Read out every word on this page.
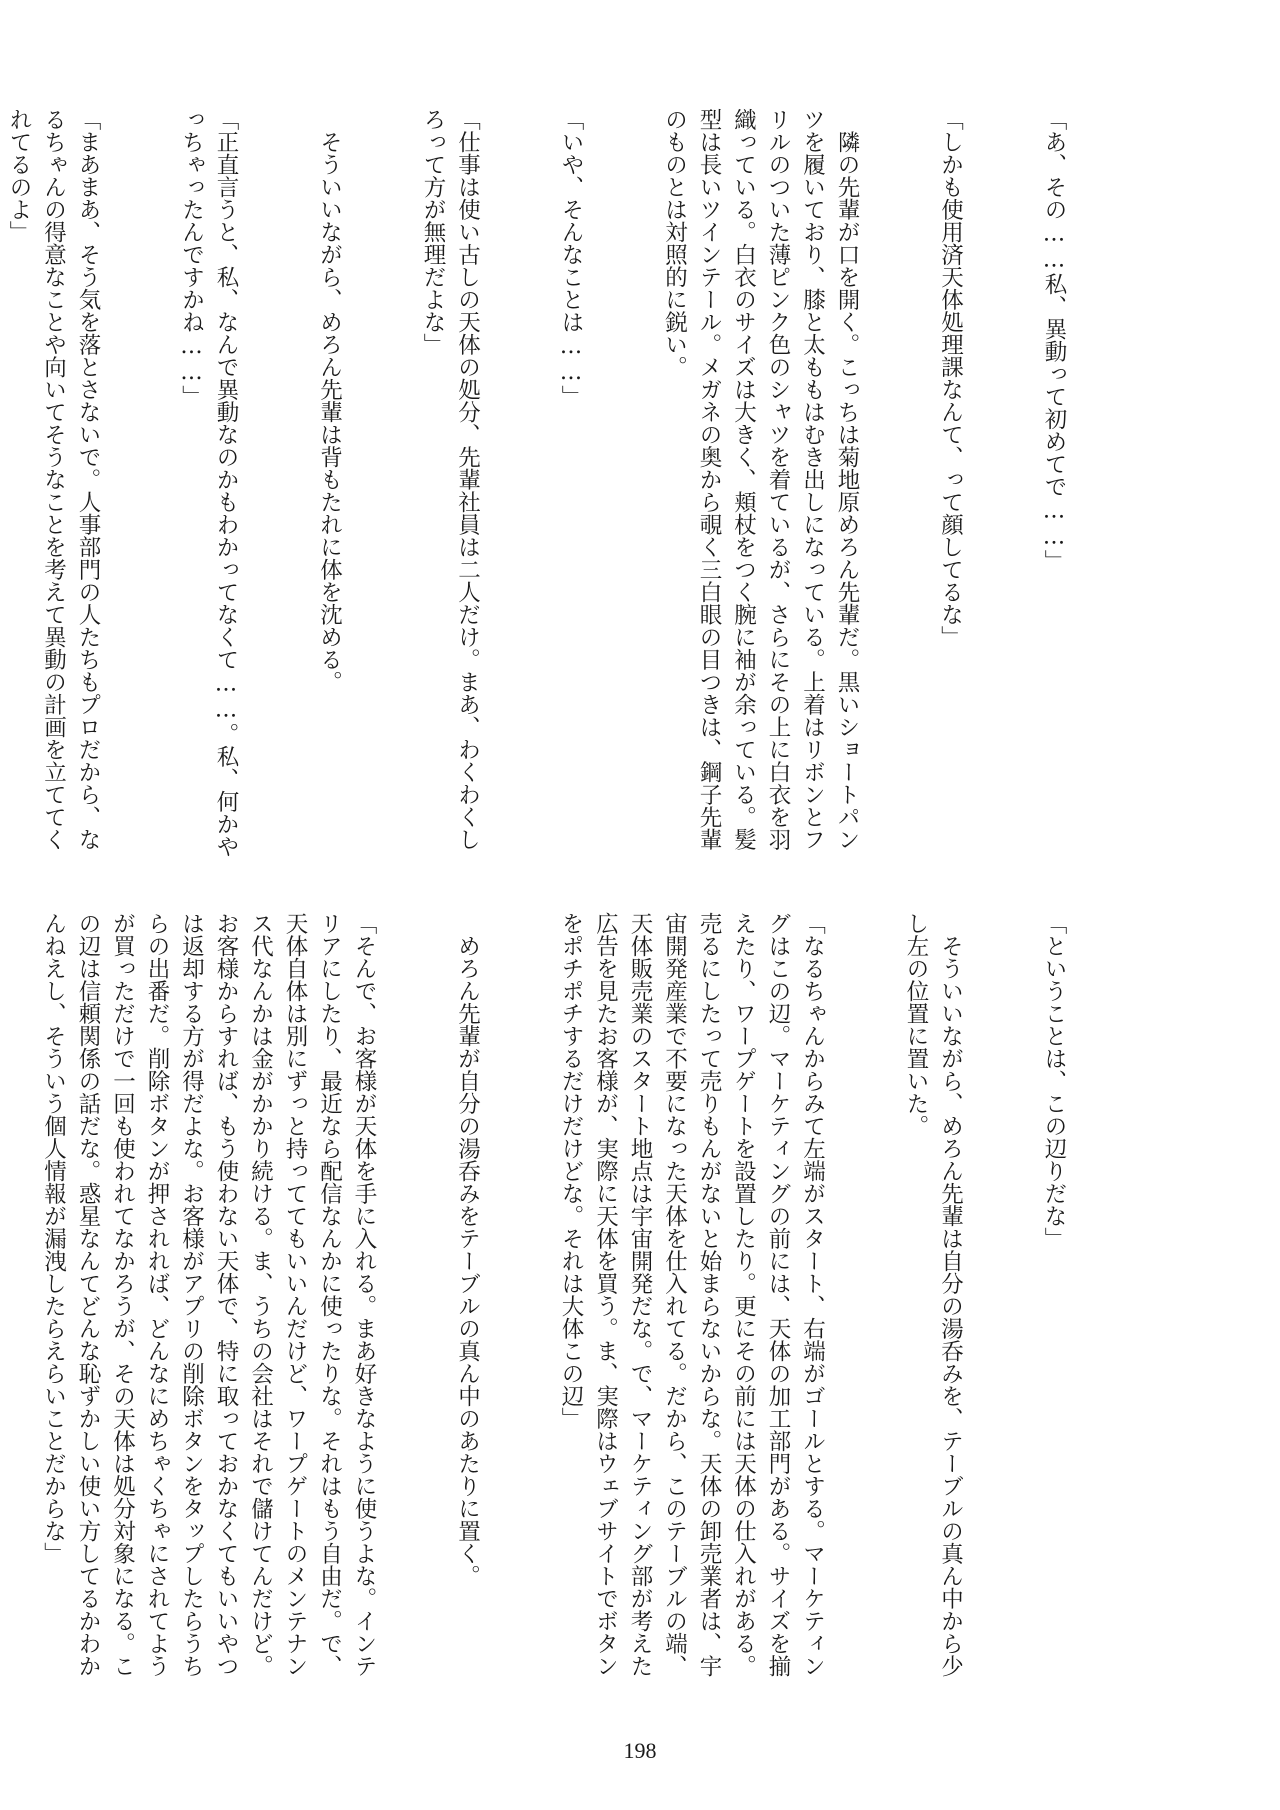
「あ、その……私、異動って初めてで……」

「しかも使用済天体処理課なんて、って顔してるな」

　隣の先輩が口を開く。こっちは菊地原めろん先輩だ。黒いショートパンツを履いており、膝と太ももはむき出しになっている。上着はリボンとフリルのついた薄ピンク色のシャツを着ているが、さらにその上に白衣を羽織っている。白衣のサイズは大きく、頬杖をつく腕に袖が余っている。髪型は長いツインテール。メガネの奥から覗く三白眼の目つきは、鋼子先輩のものとは対照的に鋭い。

「いや、そんなことは……」

「仕事は使い古しの天体の処分、先輩社員は二人だけ。まあ、わくわくしろって方が無理だよな」

　そういいながら、めろん先輩は背もたれに体を沈める。

「正直言うと、私、なんで異動なのかもわかってなくて……。私、何かやっちゃったんですかね……」

「まあまあ、そう気を落とさないで。人事部門の人たちもプロだから、なるちゃんの得意なことや向いてそうなことを考えて異動の計画を立ててくれてるのよ」

「ということは、この辺りだな」

　そういいながら、めろん先輩は自分の湯呑みを、テーブルの真ん中から少し左の位置に置いた。

「なるちゃんからみて左端がスタート、右端がゴールとする。マーケティングはこの辺。マーケティングの前には、天体の加工部門がある。サイズを揃えたり、ワープゲートを設置したり。更にその前には天体の仕入れがある。売るにしたって売りもんがないと始まらないからな。天体の卸売業者は、宇宙開発産業で不要になった天体を仕入れてる。だから、このテーブルの端、天体販売業のスタート地点は宇宙開発だな。で、マーケティング部が考えた広告を見たお客様が、実際に天体を買う。ま、実際はウェブサイトでボタンをポチポチするだけだけどな。それは大体この辺」

　めろん先輩が自分の湯呑みをテーブルの真ん中のあたりに置く。

「そんで、お客様が天体を手に入れる。まあ好きなように使うよな。インテリアにしたり、最近なら配信なんかに使ったりな。それはもう自由だ。で、天体自体は別にずっと持っててもいいんだけど、ワープゲートのメンテナンス代なんかは金がかかり続ける。ま、うちの会社はそれで儲けてんだけど。お客様からすれば、もう使わない天体で、特に取っておかなくてもいいやつは返却する方が得だよな。お客様がアプリの削除ボタンをタップしたらうちらの出番だ。削除ボタンが押されれば、どんなにめちゃくちゃにされてようが買っただけで一回も使われてなかろうが、その天体は処分対象になる。この辺は信頼関係の話だな。惑星なんてどんな恥ずかしい使い方してるかわかんねえし、そういう個人情報が漏洩したらえらいことだからな」

198
